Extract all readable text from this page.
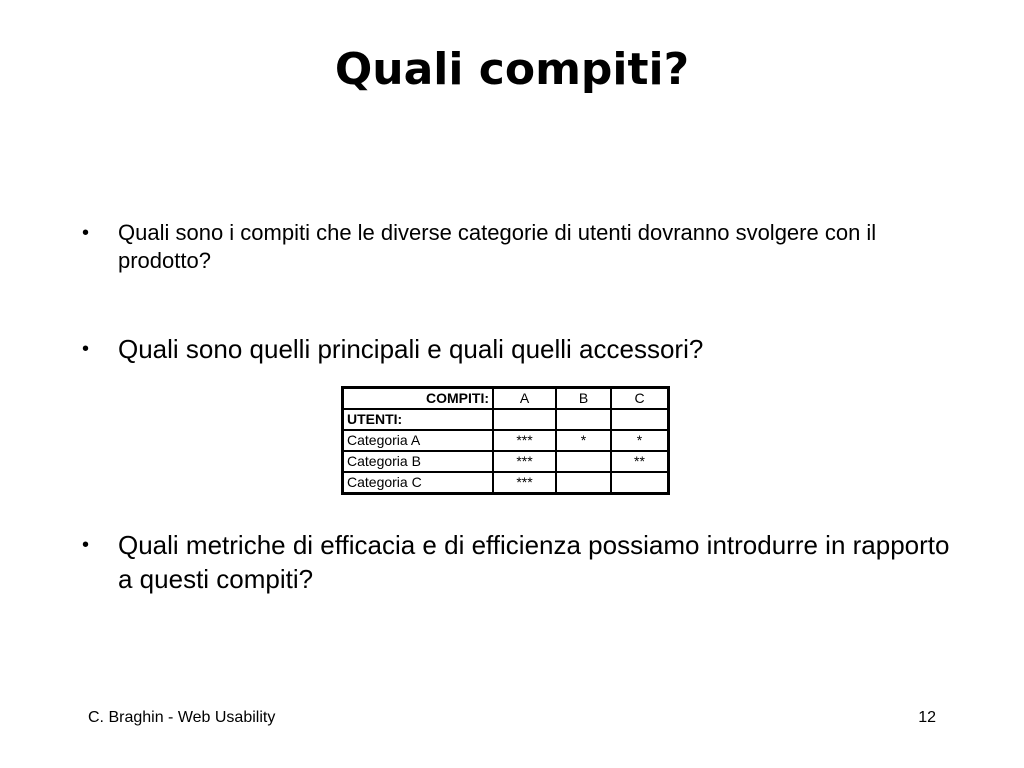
Quali compiti?
•	Quali sono i compiti che le diverse categorie di utenti dovranno svolgere con il prodotto?
•	Quali sono quelli principali e quali quelli accessori?
COMPITI:	A	B	C
UTENTI:			
Categoria A	***	*	*
Categoria B	***		**
Categoria C	***		
•	Quali metriche di efficacia e di efficienza possiamo introdurre in rapporto a questi compiti?
C. Braghin - Web Usability	12
